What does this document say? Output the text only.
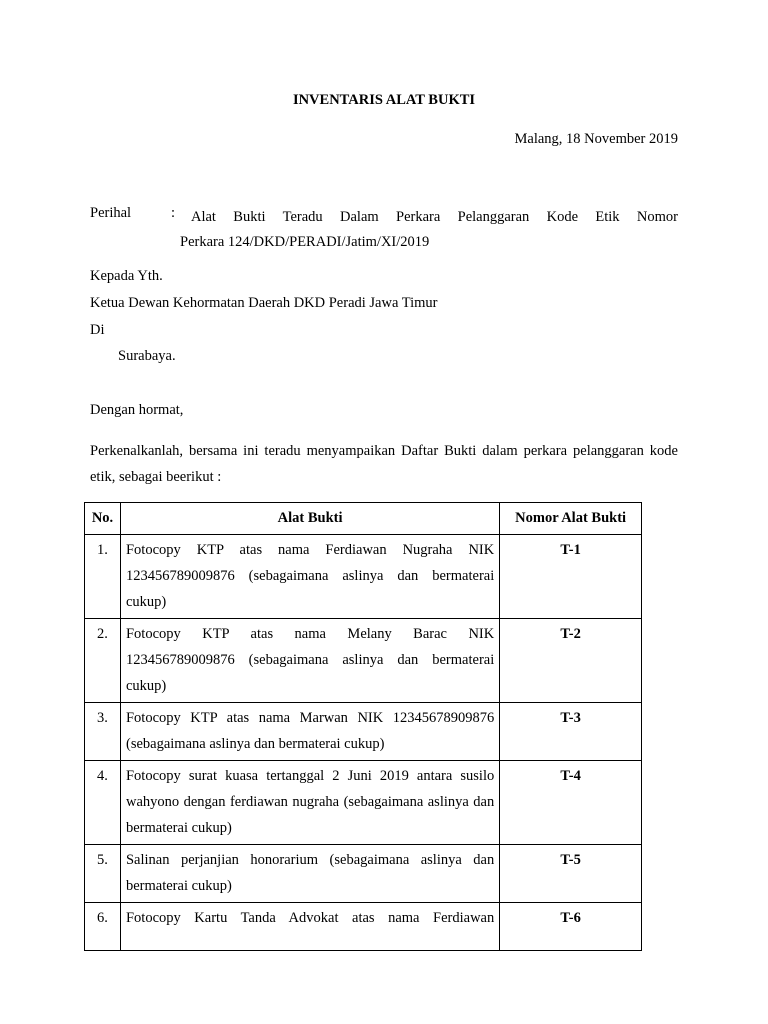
INVENTARIS ALAT BUKTI
Malang, 18 November 2019
Perihal	: Alat Bukti Teradu Dalam Perkara Pelanggaran Kode Etik Nomor
Perkara 124/DKD/PERADI/Jatim/XI/2019
Kepada Yth.
Ketua Dewan Kehormatan Daerah DKD Peradi Jawa Timur
Di
Surabaya.
Dengan hormat,
Perkenalkanlah, bersama ini teradu menyampaikan Daftar Bukti dalam perkara pelanggaran kode
etik, sebagai beerikut :
No.	Alat Bukti	Nomor Alat Bukti
1.	Fotocopy KTP atas nama Ferdiawan Nugraha NIK 123456789009876 (sebagaimana aslinya dan bermaterai cukup)	T-1
2.	Fotocopy KTP atas nama Melany Barac NIK 123456789009876 (sebagaimana aslinya dan bermaterai cukup)	T-2
3.	Fotocopy KTP atas nama Marwan NIK 12345678909876 (sebagaimana aslinya dan bermaterai cukup)	T-3
4.	Fotocopy surat kuasa tertanggal 2 Juni 2019 antara susilo wahyono dengan ferdiawan nugraha (sebagaimana aslinya dan bermaterai cukup)	T-4
5.	Salinan perjanjian honorarium (sebagaimana aslinya dan bermaterai cukup)	T-5
6.	Fotocopy Kartu Tanda Advokat atas nama Ferdiawan	T-6
